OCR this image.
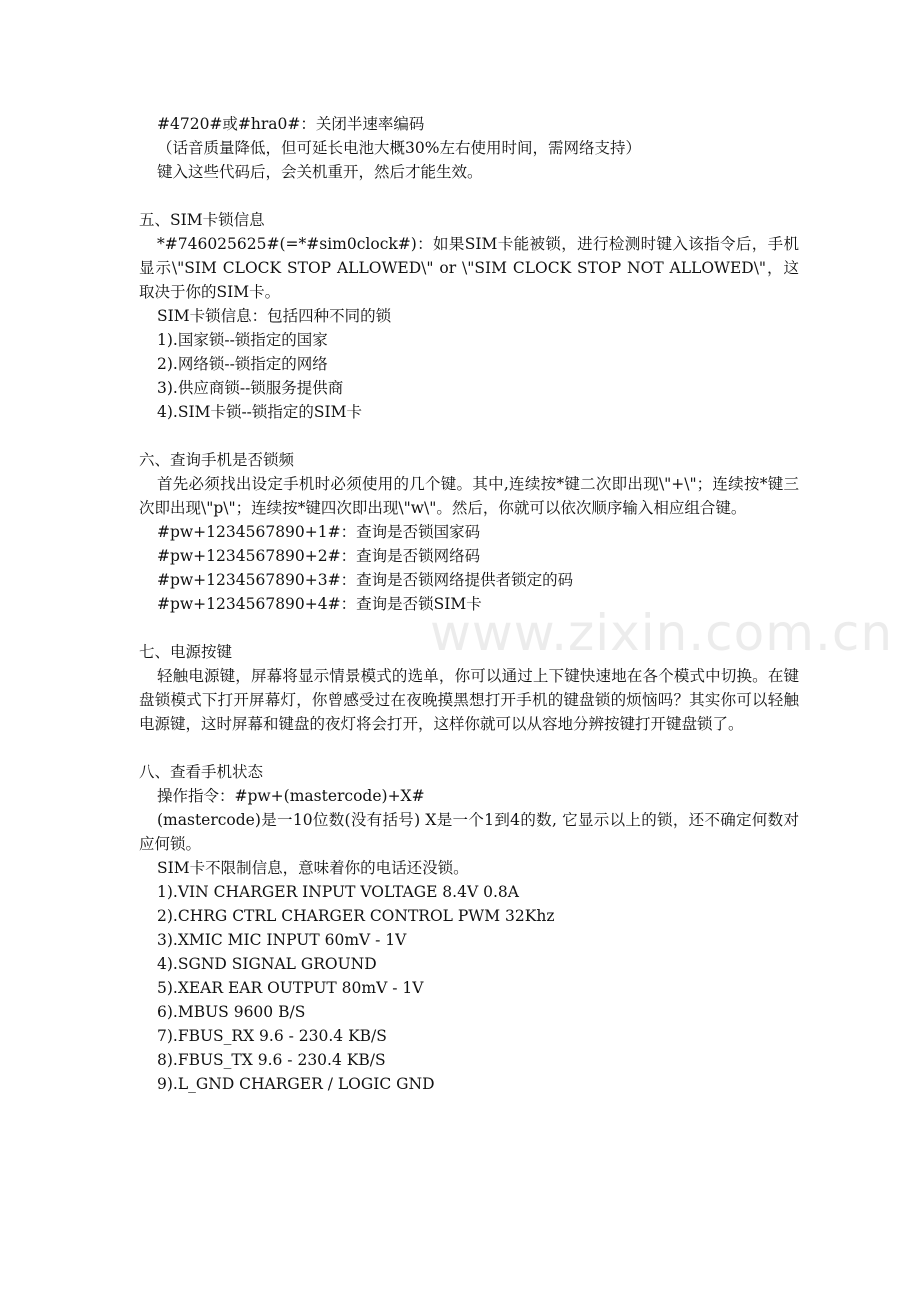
#4720#或#hra0#：关闭半速率编码
（话音质量降低，但可延长电池大概30%左右使用时间，需网络支持）
键入这些代码后，会关机重开，然后才能生效。
五、SIM卡锁信息
*#746025625#(=*#sim0clock#)：如果SIM卡能被锁，进行检测时键入该指令后，手机显示\"SIM CLOCK STOP ALLOWED\" or \"SIM CLOCK STOP NOT ALLOWED\"，这取决于你的SIM卡。
SIM卡锁信息：包括四种不同的锁
1).国家锁--锁指定的国家
2).网络锁--锁指定的网络
3).供应商锁--锁服务提供商
4).SIM卡锁--锁指定的SIM卡
六、查询手机是否锁频
首先必须找出设定手机时必须使用的几个键。其中,连续按*键二次即出现\"+\"；连续按*键三次即出现\"p\"；连续按*键四次即出现\"w\"。然后，你就可以依次顺序输入相应组合键。
#pw+1234567890+1#：查询是否锁国家码
#pw+1234567890+2#：查询是否锁网络码
#pw+1234567890+3#：查询是否锁网络提供者锁定的码
#pw+1234567890+4#：查询是否锁SIM卡
七、电源按键
轻触电源键，屏幕将显示情景模式的选单，你可以通过上下键快速地在各个模式中切换。在键盘锁模式下打开屏幕灯，你曾感受过在夜晚摸黑想打开手机的键盘锁的烦恼吗？其实你可以轻触电源键，这时屏幕和键盘的夜灯将会打开，这样你就可以从容地分辨按键打开键盘锁了。
八、查看手机状态
操作指令：#pw+(mastercode)+X#
(mastercode)是一10位数(没有括号) X是一个1到4的数, 它显示以上的锁，还不确定何数对应何锁。
SIM卡不限制信息，意味着你的电话还没锁。
1).VIN CHARGER INPUT VOLTAGE 8.4V 0.8A
2).CHRG CTRL CHARGER CONTROL PWM 32Khz
3).XMIC MIC INPUT 60mV - 1V
4).SGND SIGNAL GROUND
5).XEAR EAR OUTPUT 80mV - 1V
6).MBUS 9600 B/S
7).FBUS_RX 9.6 - 230.4 KB/S
8).FBUS_TX 9.6 - 230.4 KB/S
9).L_GND CHARGER / LOGIC GND
www.zixin.com.cn
